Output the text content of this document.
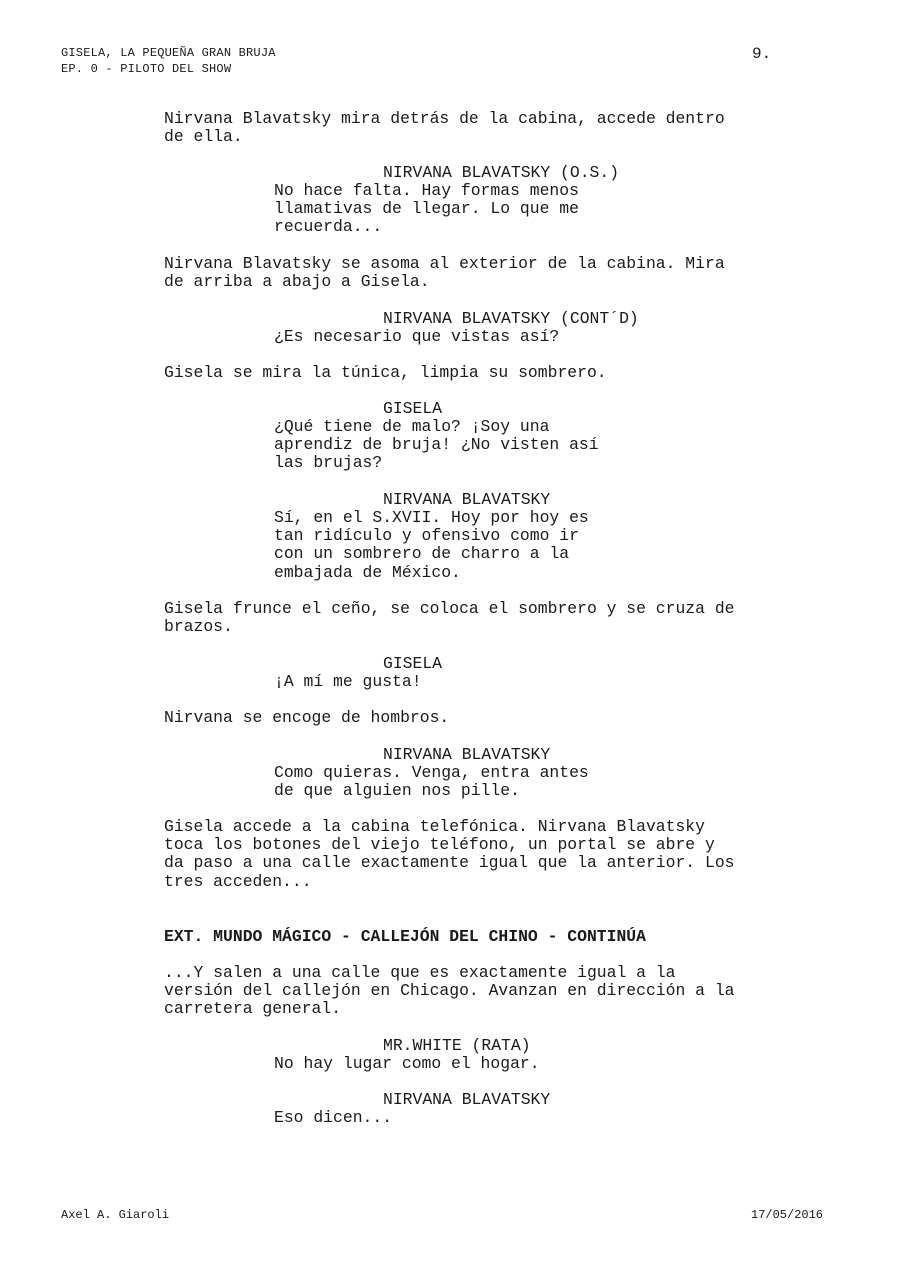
GISELA, LA PEQUEÑA GRAN BRUJA
EP. 0 - PILOTO DEL SHOW
9.

Nirvana Blavatsky mira detrás de la cabina, accede dentro
de ella.

NIRVANA BLAVATSKY (O.S.)

No hace falta. Hay formas menos
llamativas de llegar. Lo que me
recuerda...

Nirvana Blavatsky se asoma al exterior de la cabina. Mira
de arriba a abajo a Gisela.

NIRVANA BLAVATSKY (CONT´D)

¿Es necesario que vistas así?

Gisela se mira la túnica, limpia su sombrero.

GISELA

¿Qué tiene de malo? ¡Soy una
aprendiz de bruja! ¿No visten así
las brujas?

NIRVANA BLAVATSKY

Sí, en el S.XVII. Hoy por hoy es
tan ridículo y ofensivo como ir
con un sombrero de charro a la
embajada de México.

Gisela frunce el ceño, se coloca el sombrero y se cruza de
brazos.

GISELA

¡A mí me gusta!

Nirvana se encoge de hombros.

NIRVANA BLAVATSKY

Como quieras. Venga, entra antes
de que alguien nos pille.

Gisela accede a la cabina telefónica. Nirvana Blavatsky
toca los botones del viejo teléfono, un portal se abre y
da paso a una calle exactamente igual que la anterior. Los
tres acceden...

EXT. MUNDO MÁGICO - CALLEJÓN DEL CHINO - CONTINÚA

...Y salen a una calle que es exactamente igual a la
versión del callejón en Chicago. Avanzan en dirección a la
carretera general.

MR.WHITE (RATA)

No hay lugar como el hogar.

NIRVANA BLAVATSKY

Eso dicen...

Axel A. Giaroli	17/05/2016
